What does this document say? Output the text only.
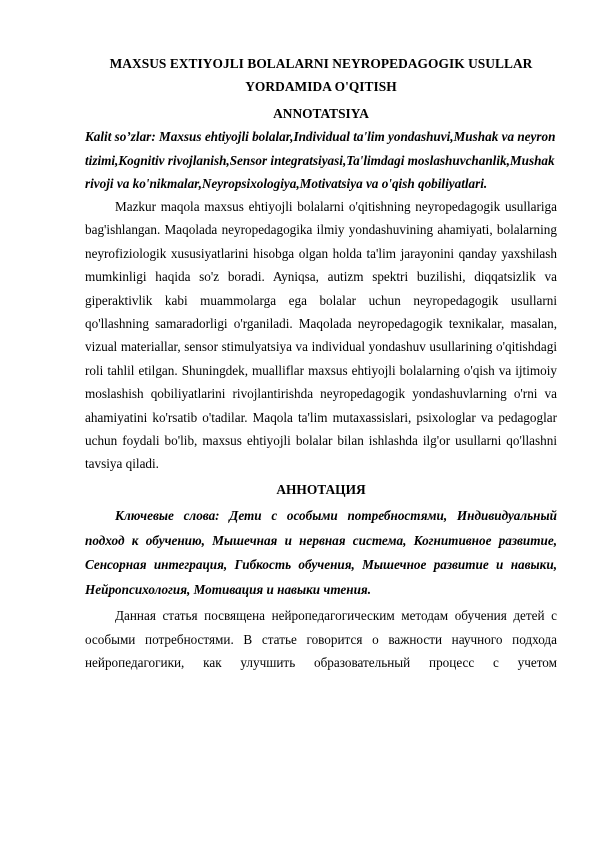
MAXSUS EXTIYOJLI BOLALARNI NEYROPEDAGOGIK USULLAR YORDAMIDA O'QITISH

ANNOTATSIYA

Kalit so’zlar: Maxsus ehtiyojli bolalar,Individual ta'lim yondashuvi,Mushak va neyron tizimi,Kognitiv rivojlanish,Sensor integratsiyasi,Ta'limdagi moslashuvchanlik,Mushak rivoji va ko'nikmalar,Neyropsixologiya,Motivatsiya va o'qish qobiliyatlari.

Mazkur maqola maxsus ehtiyojli bolalarni o'qitishning neyropedagogik usullariga bag'ishlangan. Maqolada neyropedagogika ilmiy yondashuvining ahamiyati, bolalarning neyrofiziologik xususiyatlarini hisobga olgan holda ta'lim jarayonini qanday yaxshilash mumkinligi haqida so'z boradi. Ayniqsa, autizm spektri buzilishi, diqqatsizlik va giperaktivlik kabi muammolarga ega bolalar uchun neyropedagogik usullarni qo'llashning samaradorligi o'rganiladi. Maqolada neyropedagogik texnikalar, masalan, vizual materiallar, sensor stimulyatsiya va individual yondashuv usullarining o'qitishdagi roli tahlil etilgan. Shuningdek, mualliflar maxsus ehtiyojli bolalarning o'qish va ijtimoiy moslashish qobiliyatlarini rivojlantirishda neyropedagogik yondashuvlarning o'rni va ahamiyatini ko'rsatib o'tadilar. Maqola ta'lim mutaxassislari, psixologlar va pedagoglar uchun foydali bo'lib, maxsus ehtiyojli bolalar bilan ishlashda ilg'or usullarni qo'llashni tavsiya qiladi.

АННОТАЦИЯ

Ключевые слова: Дети с особыми потребностями, Индивидуальный подход к обучению, Мышечная и нервная система, Когнитивное развитие, Сенсорная интеграция, Гибкость обучения, Мышечное развитие и навыки, Нейропсихология, Мотивация и навыки чтения.

Данная статья посвящена нейропедагогическим методам обучения детей с особыми потребностями. В статье говорится о важности научного подхода нейропедагогики, как улучшить образовательный процесс с учетом
